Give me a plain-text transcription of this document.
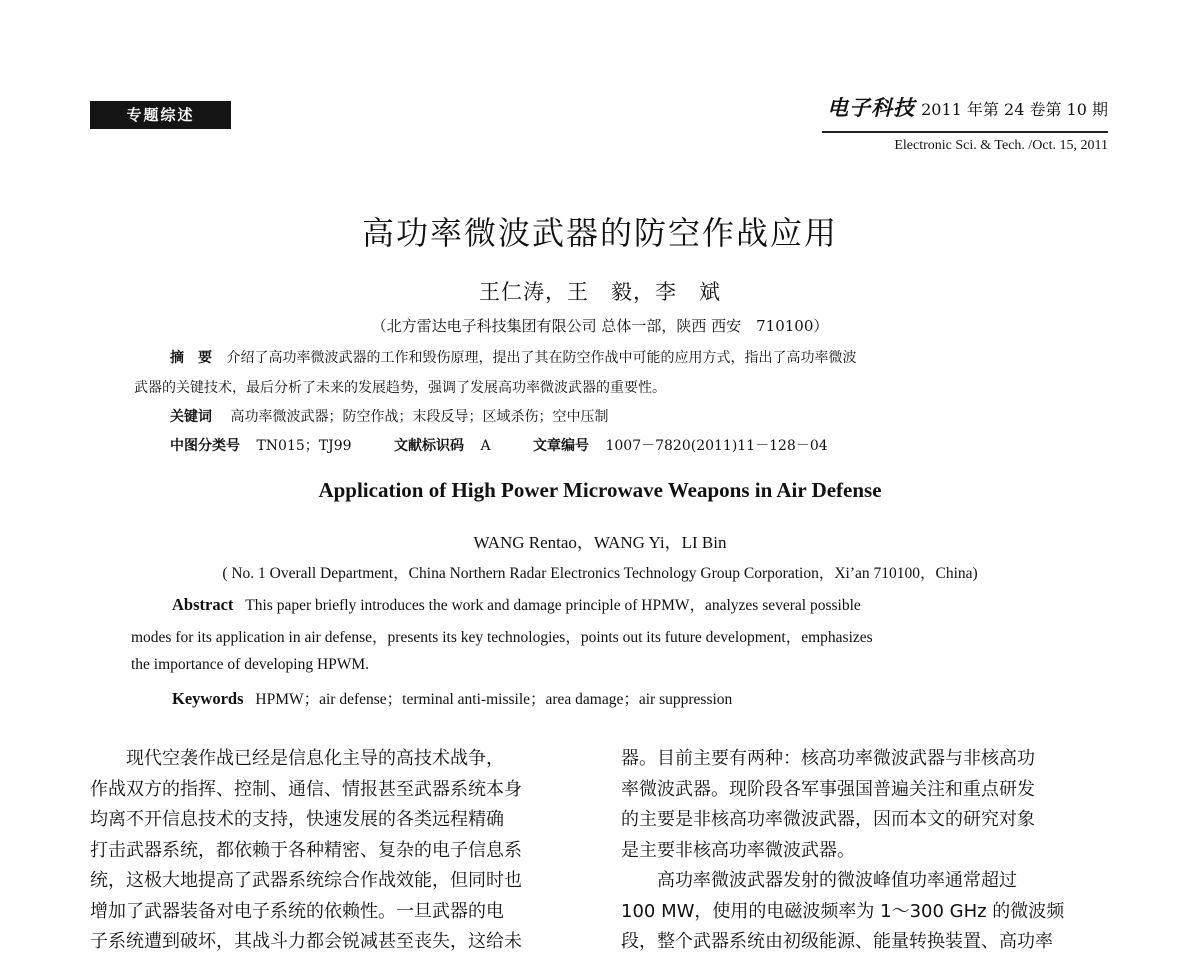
专题综述	电子科技 2011 年第 24 卷第 10 期
Electronic Sci. & Tech. /Oct. 15, 2011
高功率微波武器的防空作战应用
王仁涛，王　毅，李　斌
（北方雷达电子科技集团有限公司 总体一部，陕西 西安　710100）
摘　要 介绍了高功率微波武器的工作和毁伤原理，提出了其在防空作战中可能的应用方式，指出了高功率微波
武器的关键技术，最后分析了未来的发展趋势，强调了发展高功率微波武器的重要性。
关键词 高功率微波武器；防空作战；末段反导；区域杀伤；空中压制
中图分类号 TN015；TJ99	文献标识码 A	文章编号 1007－7820(2011)11－128－04
Application of High Power Microwave Weapons in Air Defense
WANG Rentao，WANG Yi，LI Bin
( No. 1 Overall Department，China Northern Radar Electronics Technology Group Corporation，Xi’an 710100，China)
Abstract This paper briefly introduces the work and damage principle of HPMW，analyzes several possible
modes for its application in air defense，presents its key technologies，points out its future development，emphasizes
the importance of developing HPWM.
Keywords HPMW；air defense；terminal anti-missile；area damage；air suppression

　　现代空袭作战已经是信息化主导的高技术战争，

作战双方的指挥、控制、通信、情报甚至武器系统本身

均离不开信息技术的支持，快速发展的各类远程精确

打击武器系统，都依赖于各种精密、复杂的电子信息系

统，这极大地提高了武器系统综合作战效能，但同时也

增加了武器装备对电子系统的依赖性。一旦武器的电

子系统遭到破坏，其战斗力都会锐减甚至丧失，这给未

器。目前主要有两种：核高功率微波武器与非核高功

率微波武器。现阶段各军事强国普遍关注和重点研发

的主要是非核高功率微波武器，因而本文的研究对象

是主要非核高功率微波武器。

　　高功率微波武器发射的微波峰值功率通常超过

100 MW，使用的电磁波频率为 1～300 GHz 的微波频

段，整个武器系统由初级能源、能量转换装置、高功率
